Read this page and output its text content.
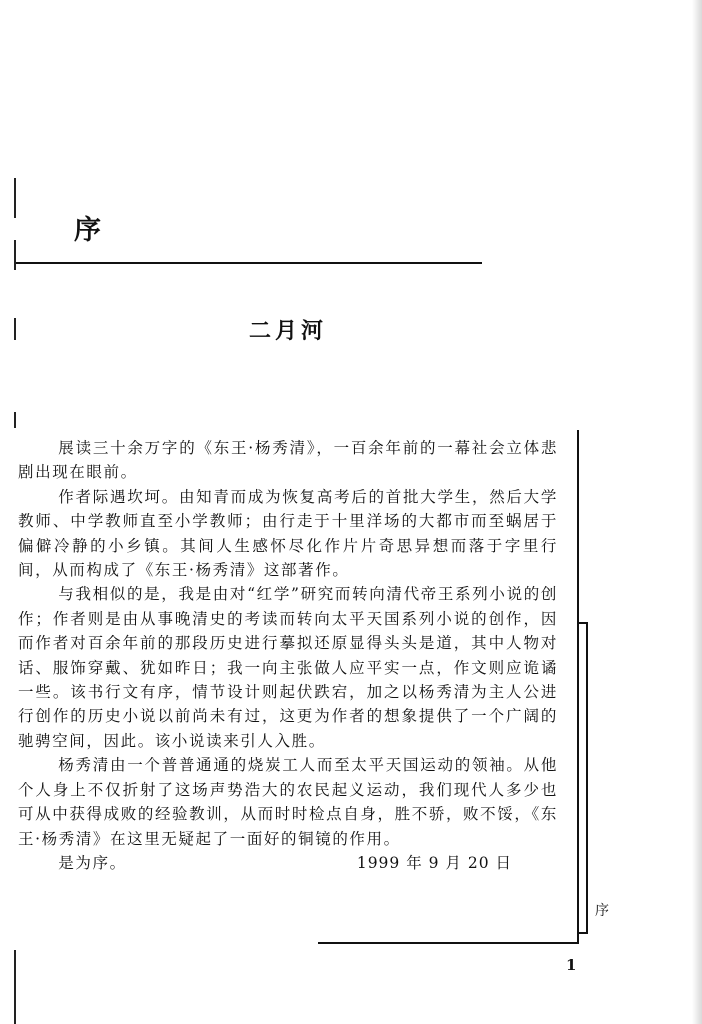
序
二月河

展读三十余万字的《东王·杨秀清》，一百余年前的一幕社会立体悲剧出现在眼前。

作者际遇坎坷。由知青而成为恢复高考后的首批大学生，然后大学教师、中学教师直至小学教师；由行走于十里洋场的大都市而至蜗居于偏僻冷静的小乡镇。其间人生感怀尽化作片片奇思异想而落于字里行间，从而构成了《东王·杨秀清》这部著作。

与我相似的是，我是由对“红学”研究而转向清代帝王系列小说的创作；作者则是由从事晚清史的考读而转向太平天国系列小说的创作，因而作者对百余年前的那段历史进行摹拟还原显得头头是道，其中人物对话、服饰穿戴、犹如昨日；我一向主张做人应平实一点，作文则应诡谲一些。该书行文有序，情节设计则起伏跌宕，加之以杨秀清为主人公进行创作的历史小说以前尚未有过，这更为作者的想象提供了一个广阔的驰骋空间，因此。该小说读来引人入胜。

杨秀清由一个普普通通的烧炭工人而至太平天国运动的领袖。从他个人身上不仅折射了这场声势浩大的农民起义运动，我们现代人多少也可从中获得成败的经验教训，从而时时检点自身，胜不骄，败不馁，《东王·杨秀清》在这里无疑起了一面好的铜镜的作用。

是为序。	1999 年 9 月 20 日

序
1
